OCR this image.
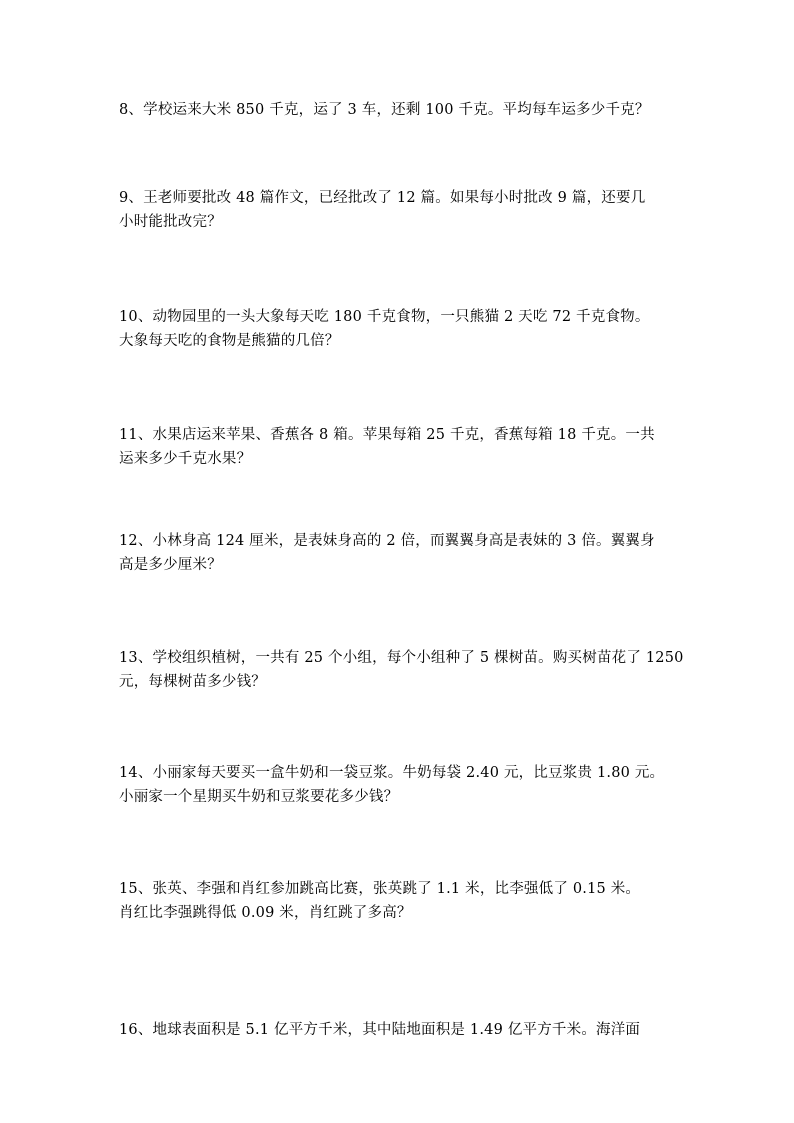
8、学校运来大米 850 千克，运了 3 车，还剩 100 千克。平均每车运多少千克？
9、王老师要批改 48 篇作文，已经批改了 12 篇。如果每小时批改 9 篇，还要几
小时能批改完？
10、动物园里的一头大象每天吃 180 千克食物，一只熊猫 2 天吃 72 千克食物。
大象每天吃的食物是熊猫的几倍？
11、水果店运来苹果、香蕉各 8 箱。苹果每箱 25 千克，香蕉每箱 18 千克。一共
运来多少千克水果？
12、小林身高 124 厘米，是表妹身高的 2 倍，而翼翼身高是表妹的 3 倍。翼翼身
高是多少厘米？
13、学校组织植树，一共有 25 个小组，每个小组种了 5 棵树苗。购买树苗花了 1250
元，每棵树苗多少钱？
14、小丽家每天要买一盒牛奶和一袋豆浆。牛奶每袋 2.40 元，比豆浆贵 1.80 元。
小丽家一个星期买牛奶和豆浆要花多少钱？
15、张英、李强和肖红参加跳高比赛，张英跳了 1.1 米，比李强低了 0.15 米。
肖红比李强跳得低 0.09 米，肖红跳了多高？
16、地球表面积是 5.1 亿平方千米，其中陆地面积是 1.49 亿平方千米。海洋面
